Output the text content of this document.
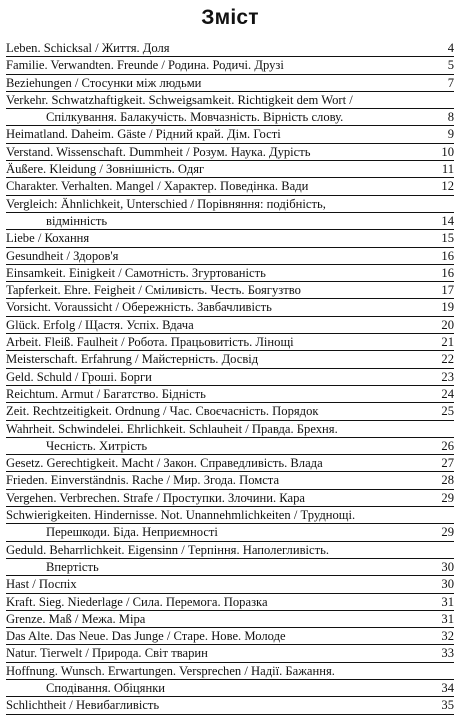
Зміст
Leben. Schicksal / Життя. Доля	4
Familie. Verwandten. Freunde / Родина. Родичі. Друзі	5
Beziehungen / Стосунки між людьми	7
Verkehr. Schwatzhaftigkeit. Schweigsamkeit. Richtigkeit dem Wort /
Спілкування. Балакучість. Мовчазність. Вірність слову.	8
Heimatland. Daheim. Gäste / Рідний край. Дім. Гості	9
Verstand. Wissenschaft. Dummheit / Розум. Наука. Дурість	10
Äußere. Kleidung / Зовнішність. Одяг	11
Charakter. Verhalten. Mangel / Характер. Поведінка. Вади	12
Vergleich: Ähnlichkeit, Unterschied / Порівняння: подібність,
відмінність	14
Liebe / Кохання	15
Gesundheit / Здоров'я	16
Einsamkeit. Einigkeit / Самотність. Згуртованість	16
Tapferkeit. Ehre. Feigheit / Сміливість. Честь. Боягузтво	17
Vorsicht. Voraussicht / Обережність. Завбачливість	19
Glück. Erfolg / Щастя. Успіх. Вдача	20
Arbeit. Fleiß. Faulheit / Робота. Працьовитість. Лінощі	21
Meisterschaft. Erfahrung / Майстерність. Досвід	22
Geld. Schuld / Гроші. Борги	23
Reichtum. Armut / Багатство. Бідність	24
Zeit. Rechtzeitigkeit. Ordnung / Час. Своєчасність. Порядок	25
Wahrheit. Schwindelei. Ehrlichkeit. Schlauheit / Правда. Брехня.
Чесність. Хитрість	26
Gesetz. Gerechtigkeit. Macht / Закон. Справедливість. Влада	27
Frieden. Einverständnis. Rache / Мир. Згода. Помста	28
Vergehen. Verbrechen. Strafe / Проступки. Злочини. Кара	29
Schwierigkeiten. Hindernisse. Not. Unannehmlichkeiten / Труднощі.
Перешкоди. Біда. Неприємності	29
Geduld. Beharrlichkeit. Eigensinn / Терпіння. Наполегливість.
Впертість	30
Hast / Поспіх	30
Kraft. Sieg. Niederlage / Сила. Перемога. Поразка	31
Grenze. Maß / Межа. Міра	31
Das Alte. Das Neue. Das Junge / Старе. Нове. Молоде	32
Natur. Tierwelt / Природа. Світ тварин	33
Hoffnung. Wunsch. Erwartungen. Versprechen / Надії. Бажання.
Сподівання. Обіцянки	34
Schlichtheit / Невибагливість	35
